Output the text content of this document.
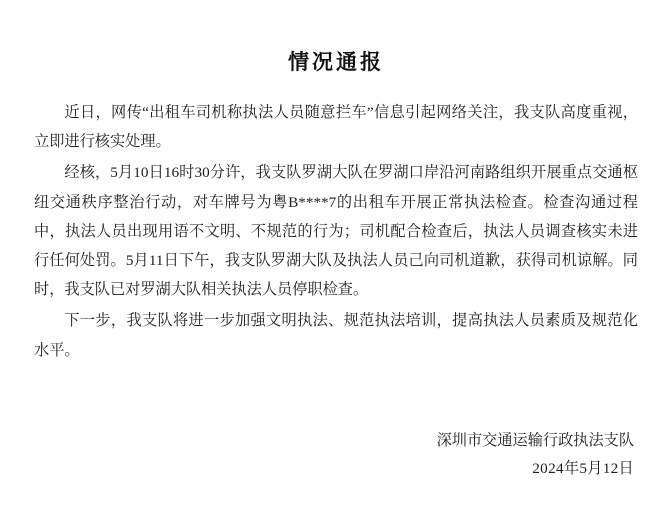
情况通报

近日，网传“出租车司机称执法人员随意拦车”信息引起网络关注，我支队高度重视，立即进行核实处理。

经核，5月10日16时30分许，我支队罗湖大队在罗湖口岸沿河南路组织开展重点交通枢纽交通秩序整治行动，对车牌号为粤B****7的出租车开展正常执法检查。检查沟通过程中，执法人员出现用语不文明、不规范的行为；司机配合检查后，执法人员调查核实未进行任何处罚。5月11日下午，我支队罗湖大队及执法人员己向司机道歉，获得司机谅解。同时，我支队已对罗湖大队相关执法人员停职检查。

下一步，我支队将进一步加强文明执法、规范执法培训，提高执法人员素质及规范化水平。

深圳市交通运输行政执法支队
2024年5月12日
